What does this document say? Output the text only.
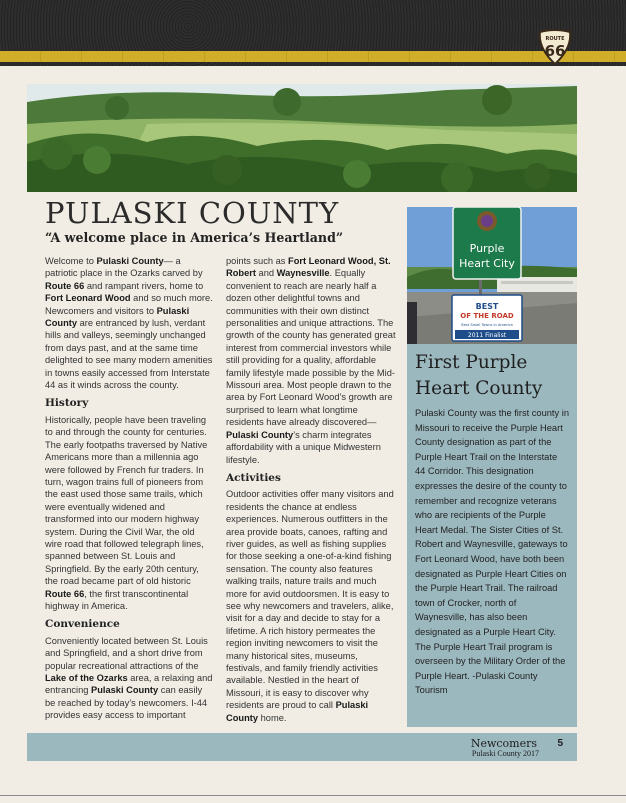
ROUTE
66
PULASKI COUNTY
“A welcome place in America’s Heartland”

Welcome to Pulaski County— a patriotic place in the Ozarks carved by Route 66 and rampant rivers, home to Fort Leonard Wood and so much more. Newcomers and visitors to Pulaski County are entranced by lush, verdant hills and valleys, seemingly unchanged from days past, and at the same time delighted to see many modern amenities in towns easily accessed from Interstate 44 as it winds across the county.

History

Historically, people have been traveling to and through the county for centuries. The early footpaths traversed by Native Americans more than a millennia ago were followed by French fur traders. In turn, wagon trains full of pioneers from the east used those same trails, which were eventually widened and transformed into our modern highway system. During the Civil War, the old wire road that followed telegraph lines, spanned between St. Louis and Springfield. By the early 20th century, the road became part of old historic Route 66, the first transcontinental highway in America.

Convenience

Conveniently located between St. Louis and Springfield, and a short drive from popular recreational attractions of the Lake of the Ozarks area, a relaxing and entrancing Pulaski County can easily be reached by today’s newcomers. I-44 provides easy access to important

points such as Fort Leonard Wood, St. Robert and Waynesville. Equally convenient to reach are nearly half a dozen other delightful towns and communities with their own distinct personalities and unique attractions. The growth of the county has generated great interest from commercial investors while still providing for a quality, affordable family lifestyle made possible by the Mid-Missouri area. Most people drawn to the area by Fort Leonard Wood’s growth are surprised to learn what longtime residents have already discovered—Pulaski County’s charm integrates affordability with a unique Midwestern lifestyle.

Activities

Outdoor activities offer many visitors and residents the chance at endless experiences. Numerous outfitters in the area provide boats, canoes, rafting and river guides, as well as fishing supplies for those seeking a one-of-a-kind fishing sensation. The county also features walking trails, nature trails and much more for avid outdoorsmen. It is easy to see why newcomers and travelers, alike, visit for a day and decide to stay for a lifetime. A rich history permeates the region inviting newcomers to visit the many historical sites, museums, festivals, and family friendly activities available. Nestled in the heart of Missouri, it is easy to discover why residents are proud to call Pulaski County home.

Purple
Heart City
BEST
OF THE ROAD
Best Small Towns in America
2011 Finalist
First Purple Heart County

Pulaski County was the first county in Missouri to receive the Purple Heart County designation as part of the Purple Heart Trail on the Interstate 44 Corridor. This designation expresses the desire of the county to remember and recognize veterans who are recipients of the Purple Heart Medal. The Sister Cities of St. Robert and Waynesville, gateways to Fort Leonard Wood, have both been designated as Purple Heart Cities on the Purple Heart Trail. The railroad town of Crocker, north of Waynesville, has also been designated as a Purple Heart City. The Purple Heart Trail program is overseen by the Military Order of the Purple Heart. -Pulaski County Tourism

Newcomers

Pulaski County 2017

5
